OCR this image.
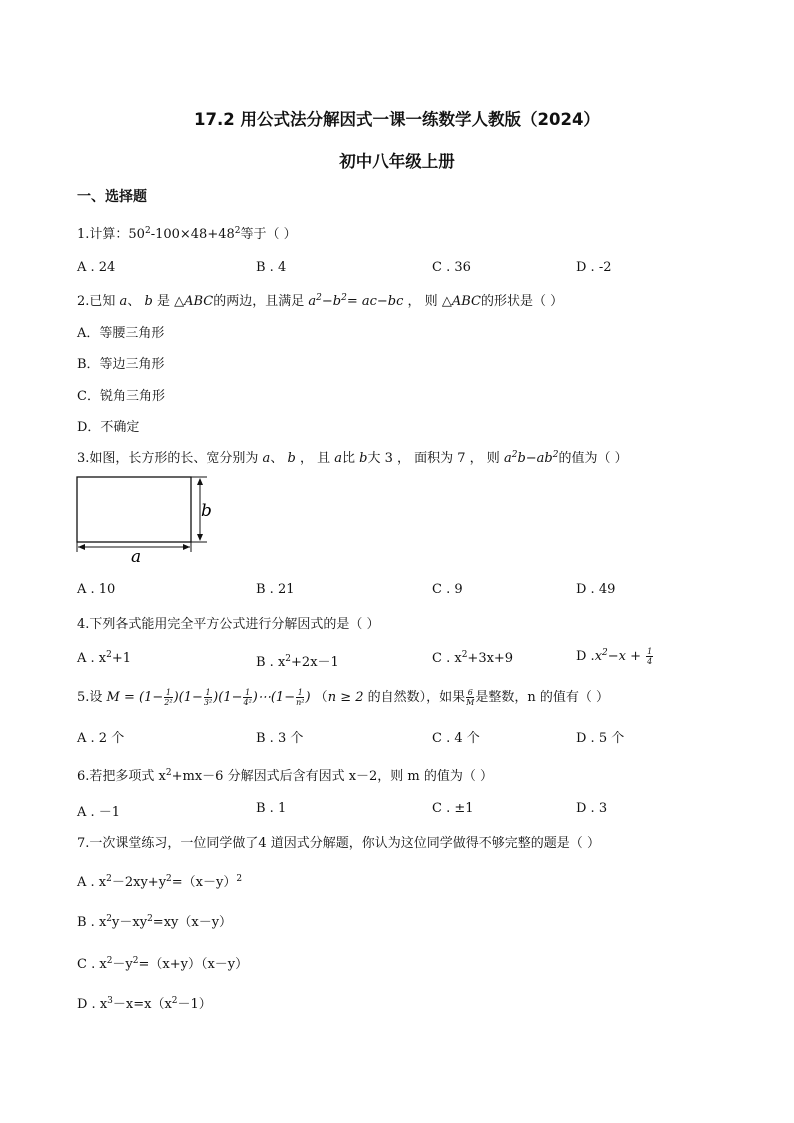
17.2 用公式法分解因式一课一练数学人教版（2024）
初中八年级上册
一、选择题
1.计算：$50^2-100\times 48+48^2$等于（ ）
A . 24	B . 4	C . 36	D . -2
2.已知 a、 b 是 △ABC的两边，且满足 $a^2-b^2= ac-bc$ ， 则 △ABC的形状是（ ）
A．等腰三角形
B．等边三角形
C．锐角三角形
D．不确定
3.如图，长方形的长、宽分别为 a、 b ， 且 a比 b大 3 ， 面积为 7 ， 则 $a^2b-ab^2$的值为（ ）
b
a
A . 10	B . 21	C . 9	D . 49
4.下列各式能用完全平方公式进行分解因式的是（ ）
A . $x^2+1$	B . $x^2+2x-1$	C . $x^2+3x+9$	D $.x^2-x + \frac{1}{4}$
5.设 $M = (1- \frac{1}{\text{2²}} )(1- \frac{1}{\text{3²}} )(1- \frac{1}{\text{4²}}$ )⋯(1− $\frac{1}{\text{n²}}$ ) （n ≥ 2 的自然数），如果 $\frac{6}{M}$ 是整数，n 的值有（ ）
A . 2 个	B . 3 个	C . 4 个	D . 5 个
6.若把多项式 $x^2+mx-6$ 分解因式后含有因式 x－2，则 m 的值为（ ）
A . －1	B . 1	C . ±1	D . 3
7.一次课堂练习，一位同学做了4 道因式分解题，你认为这位同学做得不够完整的题是（ ）
A . $x^2-2xy+y^2=(x-y)^2$
B . $x^2y-xy^2=xy(x-y)$
C . $x^2-y^2=(x+y)(x-y)$
D . $x^3-x=x(x^2-1)$
